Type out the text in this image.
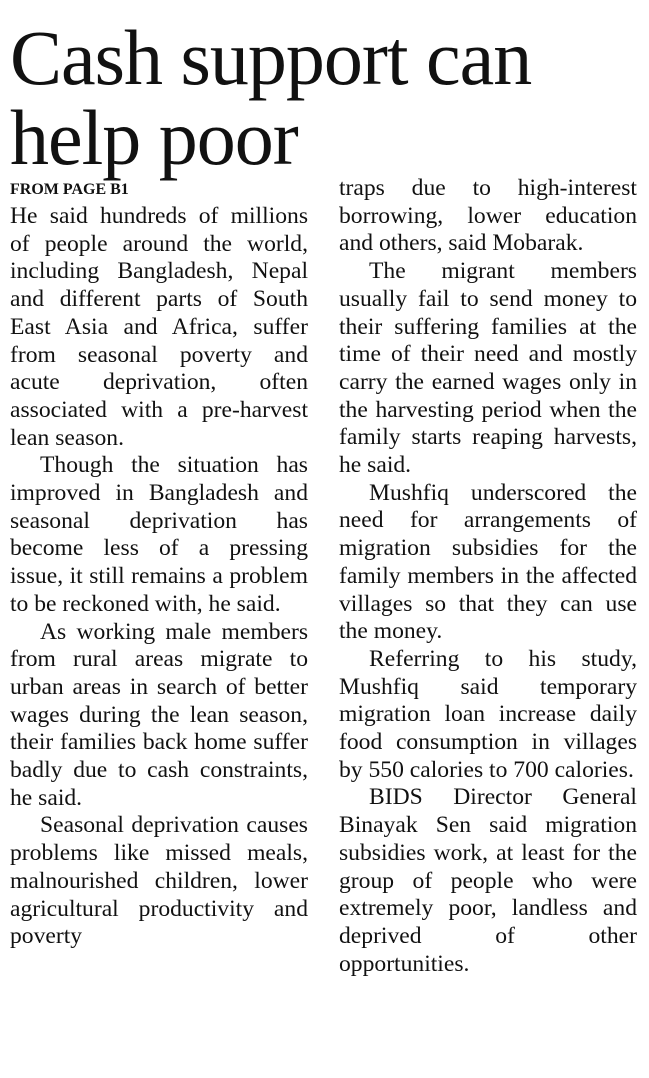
Cash support can help poor
FROM PAGE B1

He said hundreds of millions of people around the world, including Bangladesh, Nepal and different parts of South East Asia and Africa, suffer from seasonal poverty and acute deprivation, often associated with a pre-harvest lean season.

Though the situation has improved in Bangladesh and seasonal deprivation has become less of a pressing issue, it still remains a problem to be reckoned with, he said.

As working male members from rural areas migrate to urban areas in search of better wages during the lean season, their families back home suffer badly due to cash constraints, he said.

Seasonal deprivation causes problems like missed meals, malnourished children, lower agricultural productivity and poverty

traps due to high-interest borrowing, lower education and others, said Mobarak.

The migrant members usually fail to send money to their suffering families at the time of their need and mostly carry the earned wages only in the harvesting period when the family starts reaping harvests, he said.

Mushfiq underscored the need for arrangements of migration subsidies for the family members in the affected villages so that they can use the money.

Referring to his study, Mushfiq said temporary migration loan increase daily food consumption in villages by 550 calories to 700 calories.

BIDS Director General Binayak Sen said migration subsidies work, at least for the group of people who were extremely poor, landless and deprived of other opportunities.
